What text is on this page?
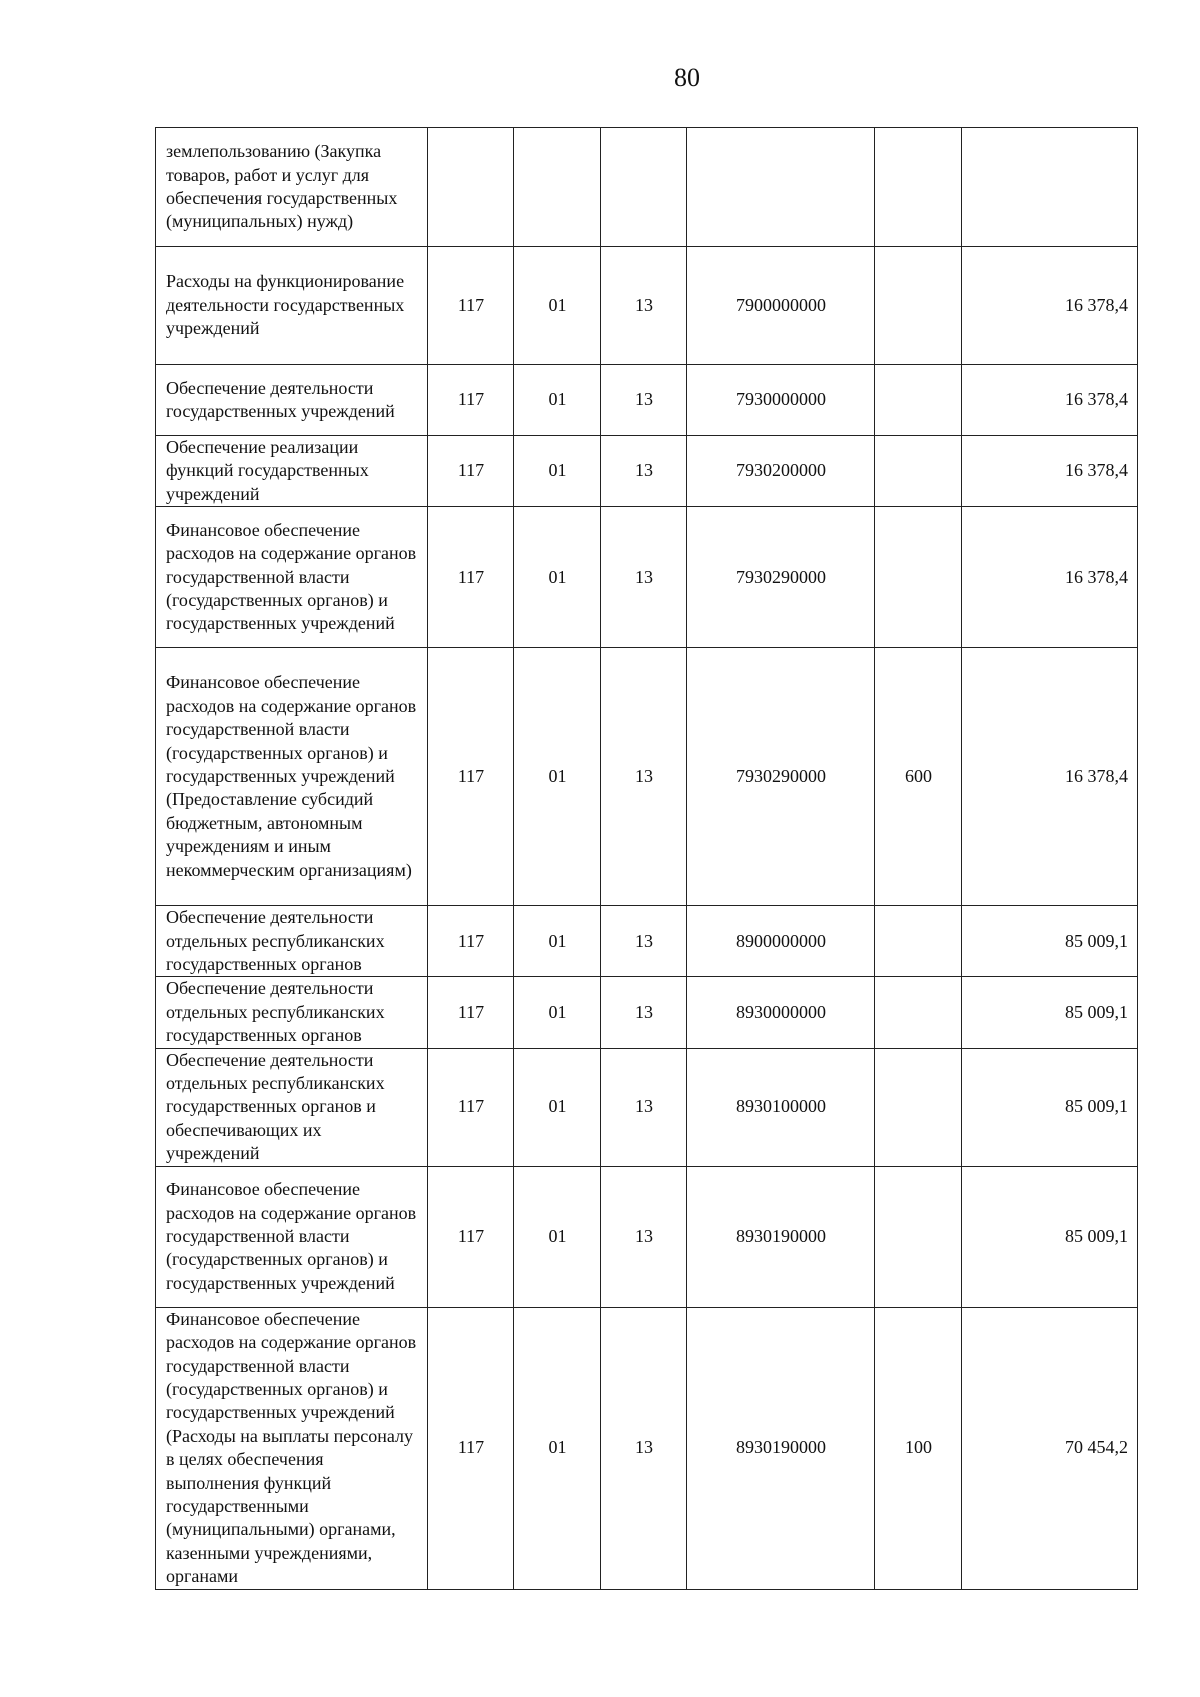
80
землепользованию (Закупка товаров, работ и услуг для обеспечения государственных (муниципальных) нужд)						
Расходы на функционирование деятельности государственных учреждений	117	01	13	7900000000		16 378,4
Обеспечение деятельности государственных учреждений	117	01	13	7930000000		16 378,4
Обеспечение реализации функций государственных учреждений	117	01	13	7930200000		16 378,4
Финансовое обеспечение расходов на содержание органов государственной власти (государственных органов) и государственных учреждений	117	01	13	7930290000		16 378,4
Финансовое обеспечение расходов на содержание органов государственной власти (государственных органов) и государственных учреждений (Предоставление субсидий бюджетным, автономным учреждениям и иным некоммерческим организациям)	117	01	13	7930290000	600	16 378,4
Обеспечение деятельности отдельных республиканских государственных органов	117	01	13	8900000000		85 009,1
Обеспечение деятельности отдельных республиканских государственных органов	117	01	13	8930000000		85 009,1
Обеспечение деятельности отдельных республиканских государственных органов и обеспечивающих их учреждений	117	01	13	8930100000		85 009,1
Финансовое обеспечение расходов на содержание органов государственной власти (государственных органов) и государственных учреждений	117	01	13	8930190000		85 009,1
Финансовое обеспечение расходов на содержание органов государственной власти (государственных органов) и государственных учреждений (Расходы на выплаты персоналу в целях обеспечения выполнения функций государственными (муниципальными) органами, казенными учреждениями, органами	117	01	13	8930190000	100	70 454,2
